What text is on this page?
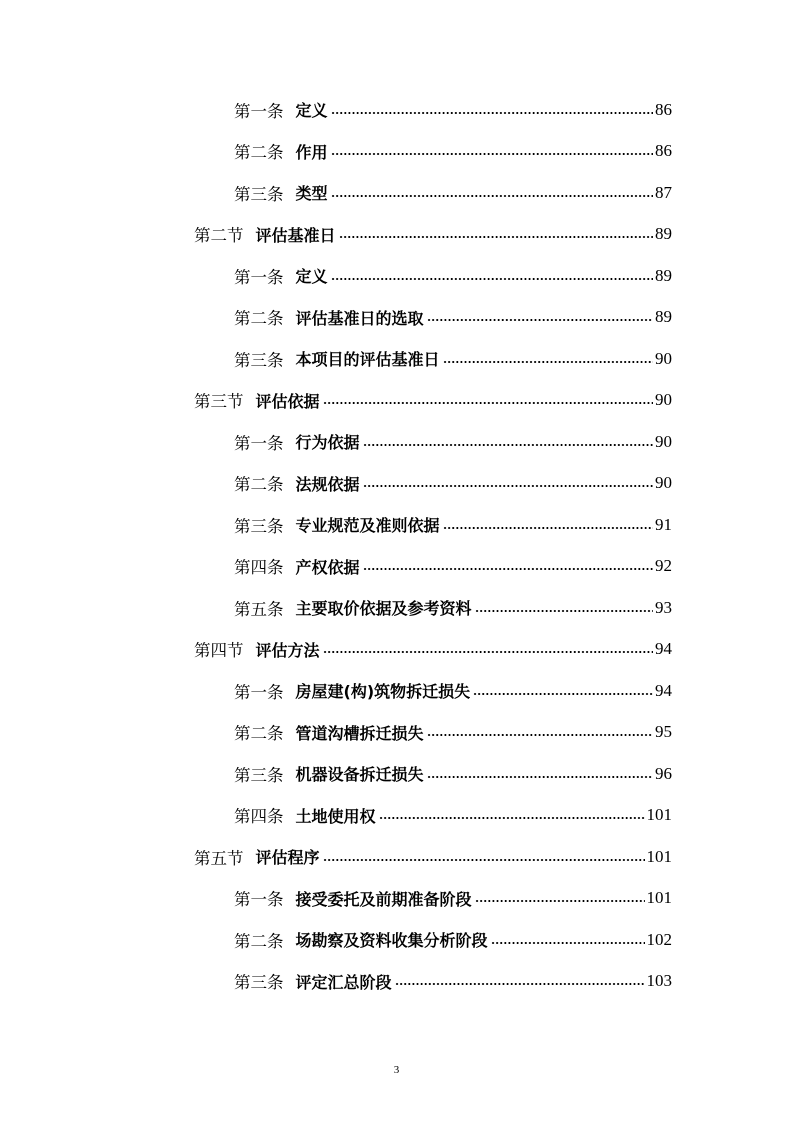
第一条 定义	86
第二条 作用	86
第三条 类型	87
第二节 评估基准日	89
第一条 定义	89
第二条 评估基准日的选取	89
第三条 本项目的评估基准日	90
第三节 评估依据	90
第一条 行为依据	90
第二条 法规依据	90
第三条 专业规范及准则依据	91
第四条 产权依据	92
第五条 主要取价依据及参考资料	93
第四节 评估方法	94
第一条 房屋建(构)筑物拆迁损失	94
第二条 管道沟槽拆迁损失	95
第三条 机器设备拆迁损失	96
第四条 土地使用权	101
第五节 评估程序	101
第一条 接受委托及前期准备阶段	101
第二条 场勘察及资料收集分析阶段	102
第三条 评定汇总阶段	103
3
